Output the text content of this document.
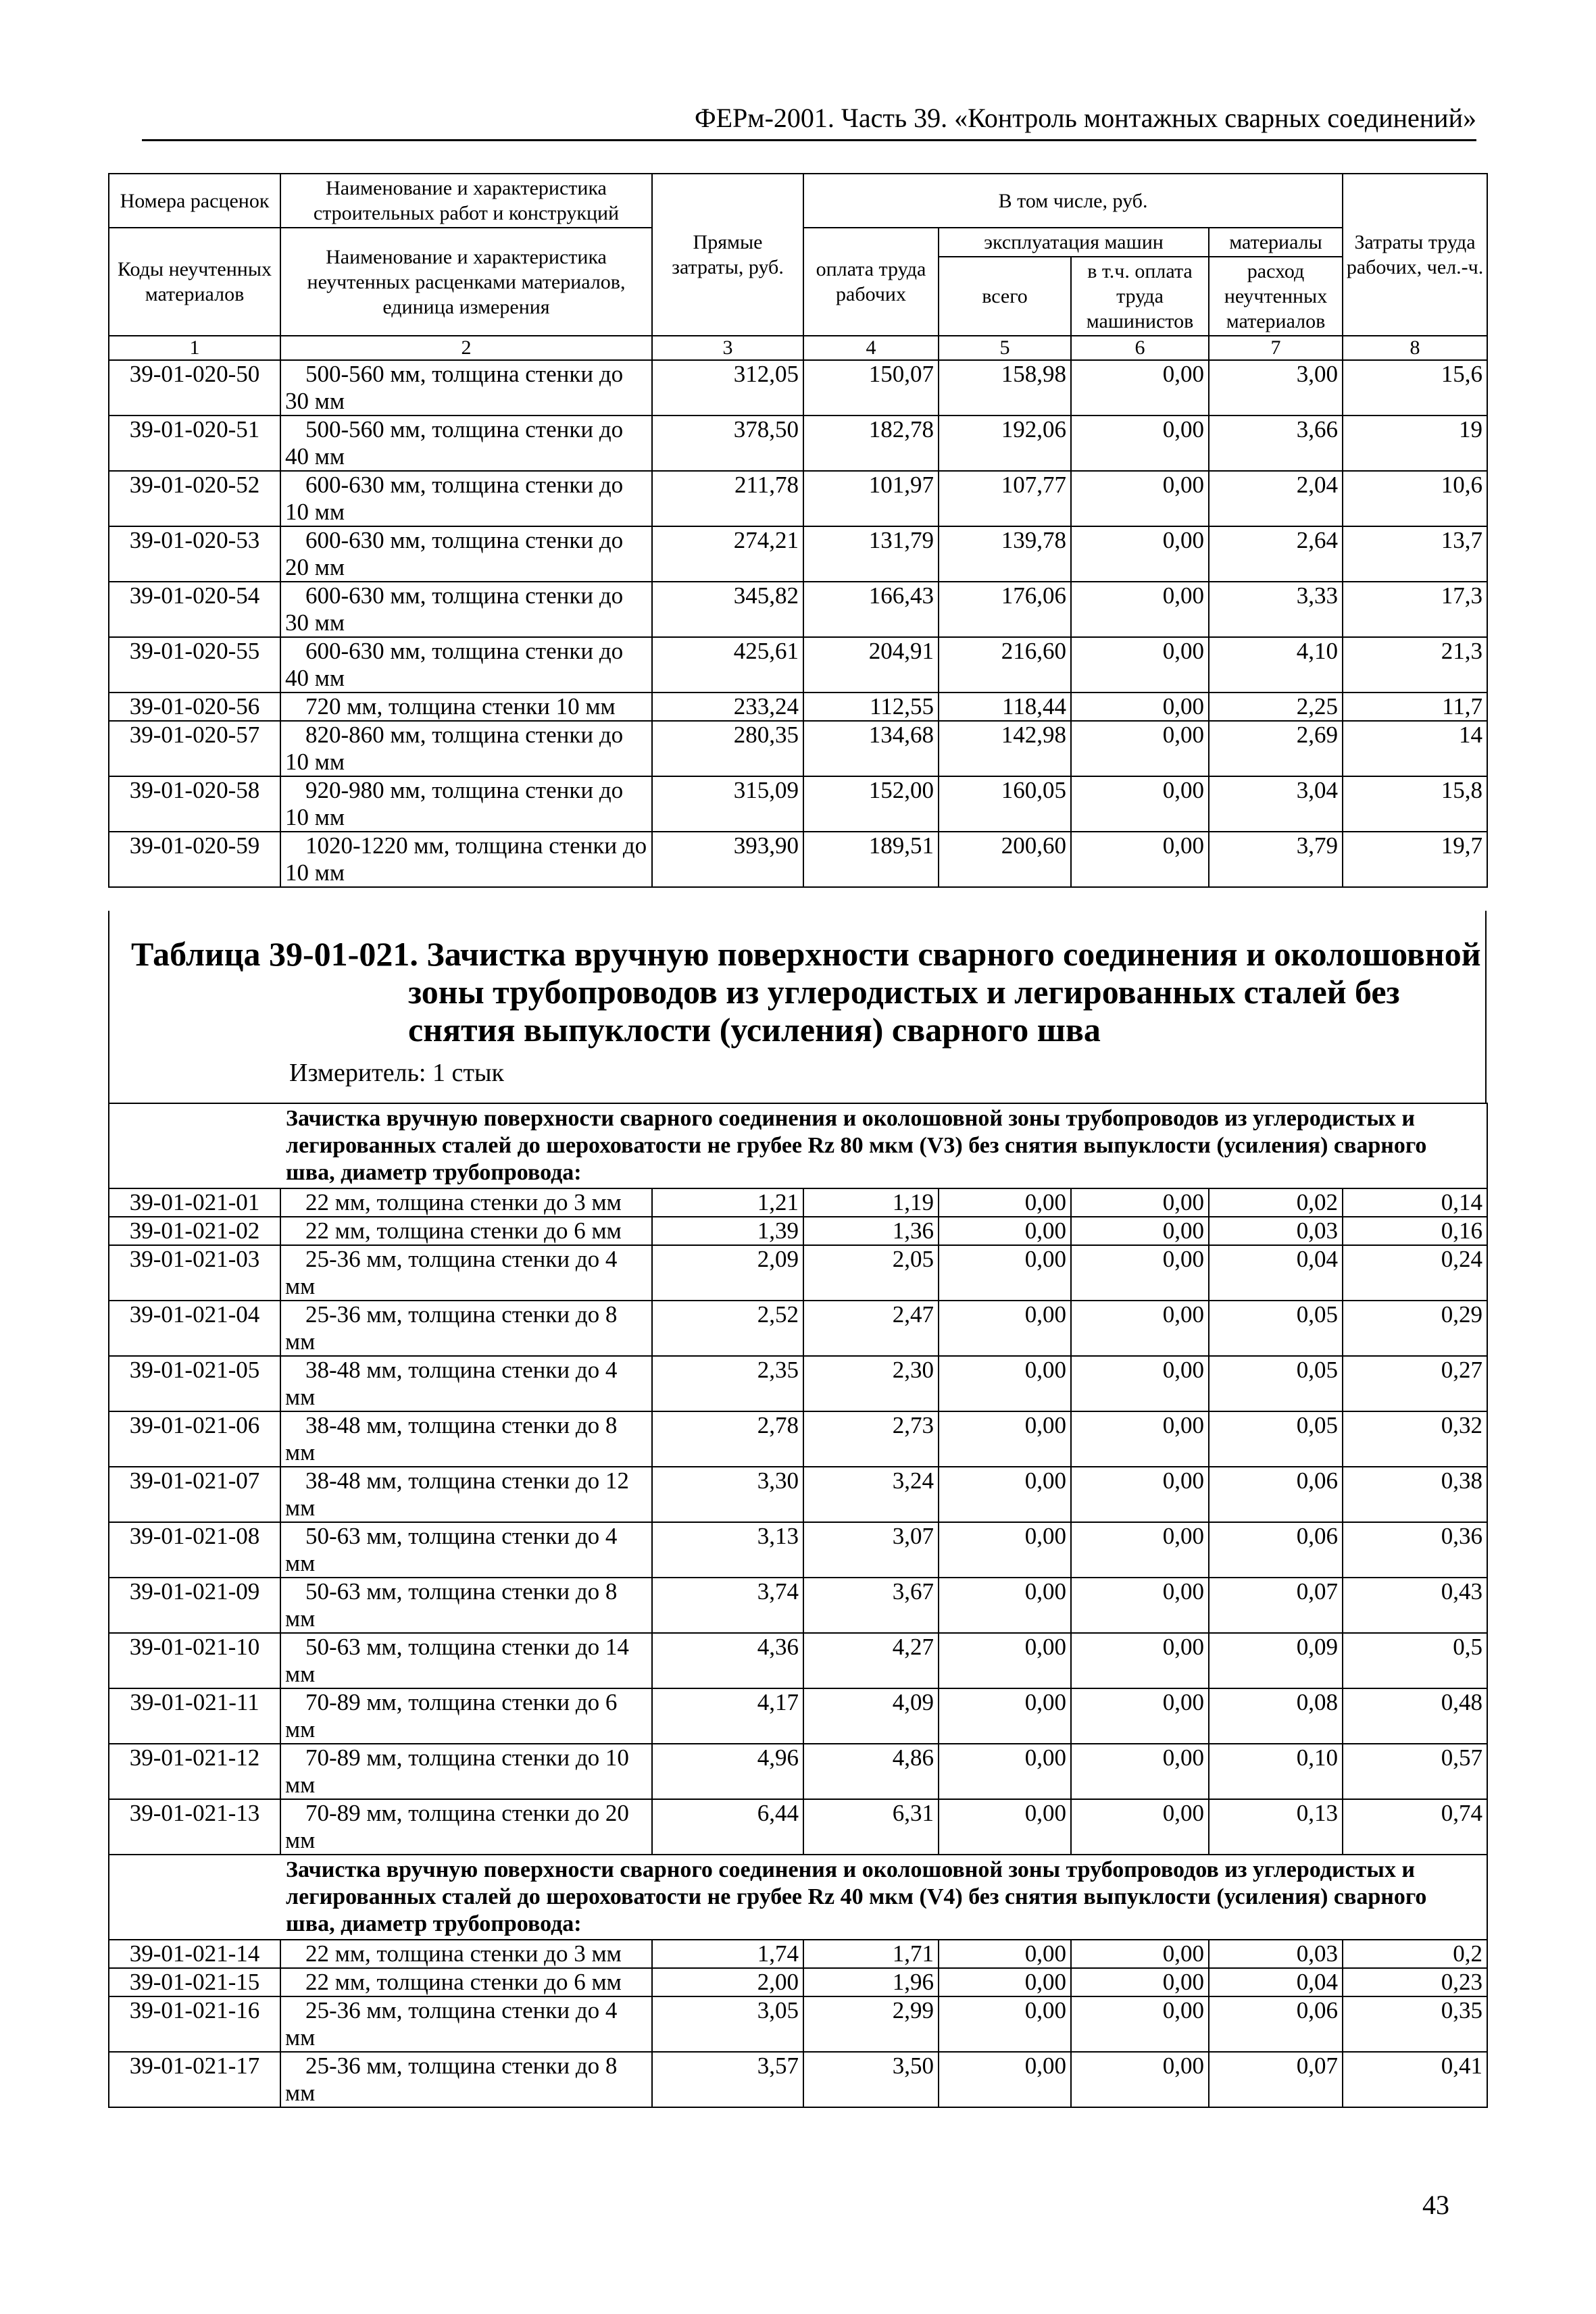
ФЕРм-2001. Часть 39. «Контроль монтажных сварных соединений»
Номера расценок	Наименование и характеристика строительных работ и конструкций	Прямые затраты, руб.	В том числе, руб.				Затраты труда рабочих, чел.-ч.
Коды неучтенных материалов	Наименование и характеристика неучтенных расценками материалов, единица измерения		оплата труда рабочих	эксплуатация машин		материалы	
				всего	в т.ч. оплата труда машинистов	расход неучтенных материалов	

1	2	3	4	5	6	7	8
39-01-020-50	500-560 мм, толщина стенки до 30 мм	312,05	150,07	158,98	0,00	3,00	15,6
39-01-020-51	500-560 мм, толщина стенки до 40 мм	378,50	182,78	192,06	0,00	3,66	19
39-01-020-52	600-630 мм, толщина стенки до 10 мм	211,78	101,97	107,77	0,00	2,04	10,6
39-01-020-53	600-630 мм, толщина стенки до 20 мм	274,21	131,79	139,78	0,00	2,64	13,7
39-01-020-54	600-630 мм, толщина стенки до 30 мм	345,82	166,43	176,06	0,00	3,33	17,3
39-01-020-55	600-630 мм, толщина стенки до 40 мм	425,61	204,91	216,60	0,00	4,10	21,3
39-01-020-56	720 мм, толщина стенки 10 мм	233,24	112,55	118,44	0,00	2,25	11,7
39-01-020-57	820-860 мм, толщина стенки до 10 мм	280,35	134,68	142,98	0,00	2,69	14
39-01-020-58	920-980 мм, толщина стенки до 10 мм	315,09	152,00	160,05	0,00	3,04	15,8
39-01-020-59	1020-1220 мм, толщина стенки до 10 мм	393,90	189,51	200,60	0,00	3,79	19,7
Таблица 39-01-021. Зачистка вручную поверхности сварного соединения и околошовной
зоны трубопроводов из углеродистых и легированных сталей без
снятия выпуклости (усиления) сварного шва
Измеритель: 1 стык
	Зачистка вручную поверхности сварного соединения и околошовной зоны трубопроводов из углеродистых и легированных сталей до шероховатости не грубее Rz 80 мкм (V3) без снятия выпуклости (усиления) сварного шва, диаметр трубопровода:						
39-01-021-01	22 мм, толщина стенки до 3 мм	1,21	1,19	0,00	0,00	0,02	0,14
39-01-021-02	22 мм, толщина стенки до 6 мм	1,39	1,36	0,00	0,00	0,03	0,16
39-01-021-03	25-36 мм, толщина стенки до 4 мм	2,09	2,05	0,00	0,00	0,04	0,24
39-01-021-04	25-36 мм, толщина стенки до 8 мм	2,52	2,47	0,00	0,00	0,05	0,29
39-01-021-05	38-48 мм, толщина стенки до 4 мм	2,35	2,30	0,00	0,00	0,05	0,27
39-01-021-06	38-48 мм, толщина стенки до 8 мм	2,78	2,73	0,00	0,00	0,05	0,32
39-01-021-07	38-48 мм, толщина стенки до 12 мм	3,30	3,24	0,00	0,00	0,06	0,38
39-01-021-08	50-63 мм, толщина стенки до 4 мм	3,13	3,07	0,00	0,00	0,06	0,36
39-01-021-09	50-63 мм, толщина стенки до 8 мм	3,74	3,67	0,00	0,00	0,07	0,43
39-01-021-10	50-63 мм, толщина стенки до 14 мм	4,36	4,27	0,00	0,00	0,09	0,5
39-01-021-11	70-89 мм, толщина стенки до 6 мм	4,17	4,09	0,00	0,00	0,08	0,48
39-01-021-12	70-89 мм, толщина стенки до 10 мм	4,96	4,86	0,00	0,00	0,10	0,57
39-01-021-13	70-89 мм, толщина стенки до 20 мм	6,44	6,31	0,00	0,00	0,13	0,74
	Зачистка вручную поверхности сварного соединения и околошовной зоны трубопроводов из углеродистых и легированных сталей до шероховатости не грубее Rz 40 мкм (V4) без снятия выпуклости (усиления) сварного шва, диаметр трубопровода:						
39-01-021-14	22 мм, толщина стенки до 3 мм	1,74	1,71	0,00	0,00	0,03	0,2
39-01-021-15	22 мм, толщина стенки до 6 мм	2,00	1,96	0,00	0,00	0,04	0,23
39-01-021-16	25-36 мм, толщина стенки до 4 мм	3,05	2,99	0,00	0,00	0,06	0,35
39-01-021-17	25-36 мм, толщина стенки до 8 мм	3,57	3,50	0,00	0,00	0,07	0,41
43
